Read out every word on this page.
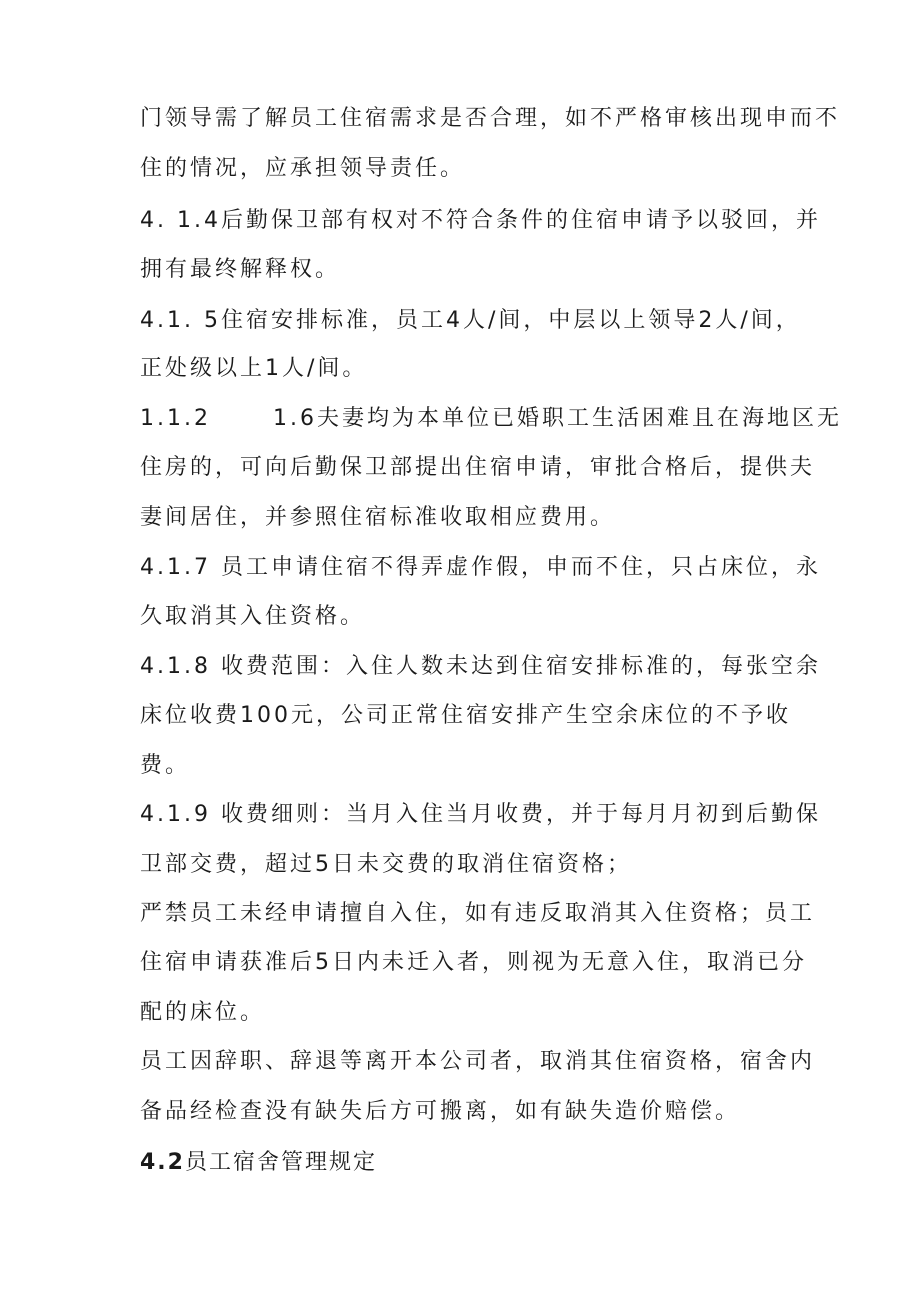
门领导需了解员工住宿需求是否合理，如不严格审核出现申而不
住的情况，应承担领导责任。
4. 1.4后勤保卫部有权对不符合条件的住宿申请予以驳回，并
拥有最终解释权。
4.1. 5住宿安排标准，员工4人/间，中层以上领导2人/间，
正处级以上1人/间。
1.1.2	1.6夫妻均为本单位已婚职工生活困难且在海地区无
住房的，可向后勤保卫部提出住宿申请，审批合格后，提供夫
妻间居住，并参照住宿标准收取相应费用。
4.1.7 员工申请住宿不得弄虚作假，申而不住，只占床位，永
久取消其入住资格。
4.1.8 收费范围：入住人数未达到住宿安排标准的，每张空余
床位收费100元，公司正常住宿安排产生空余床位的不予收
费。
4.1.9 收费细则：当月入住当月收费，并于每月月初到后勤保
卫部交费，超过5日未交费的取消住宿资格；
严禁员工未经申请擅自入住，如有违反取消其入住资格；员工
住宿申请获准后5日内未迁入者，则视为无意入住，取消已分
配的床位。
员工因辞职、辞退等离开本公司者，取消其住宿资格，宿舍内
备品经检查没有缺失后方可搬离，如有缺失造价赔偿。
4.2员工宿舍管理规定
